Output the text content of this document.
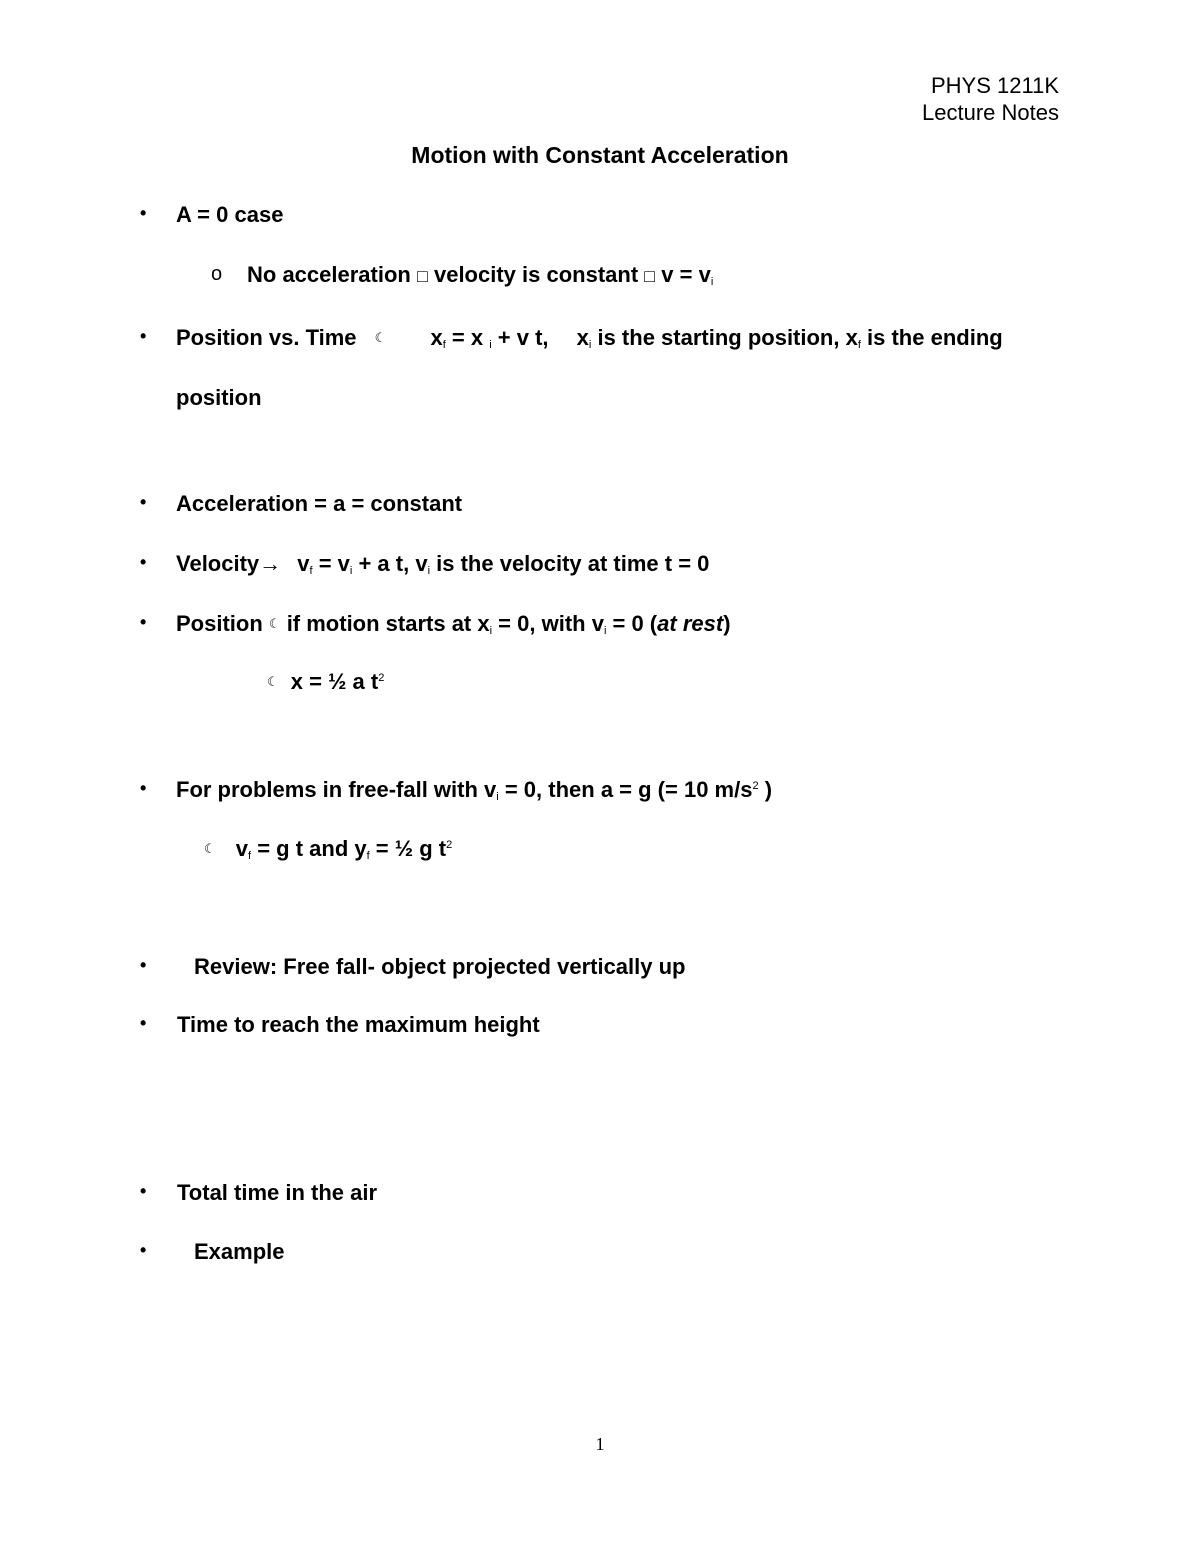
PHYS 1211K
Lecture Notes
Motion with Constant Acceleration
• A = 0 case
o No acceleration □ velocity is constant □ $v = v_i$
• Position vs. Time ☾ $x_f = x$ $_i$ + v t, $x_i$ is the starting position, $x_f$ is the ending
position
• Acceleration = a = constant
• Velocity→ $v_f = v_i + a$ t, $v_i$ is the velocity at time t = 0
• Position ☾ if motion starts at $x_i = 0$, with $v_i = 0$ (at rest)
☾ x = ½ a $t^2$
• For problems in free-fall with $v_i = 0$, then a = g (= 10 $m/s^2$ )
☾ $v_f = g$ t and $y_f$ = ½ g $t^2$
• Review: Free fall- object projected vertically up
• Time to reach the maximum height
• Total time in the air
• Example
1
